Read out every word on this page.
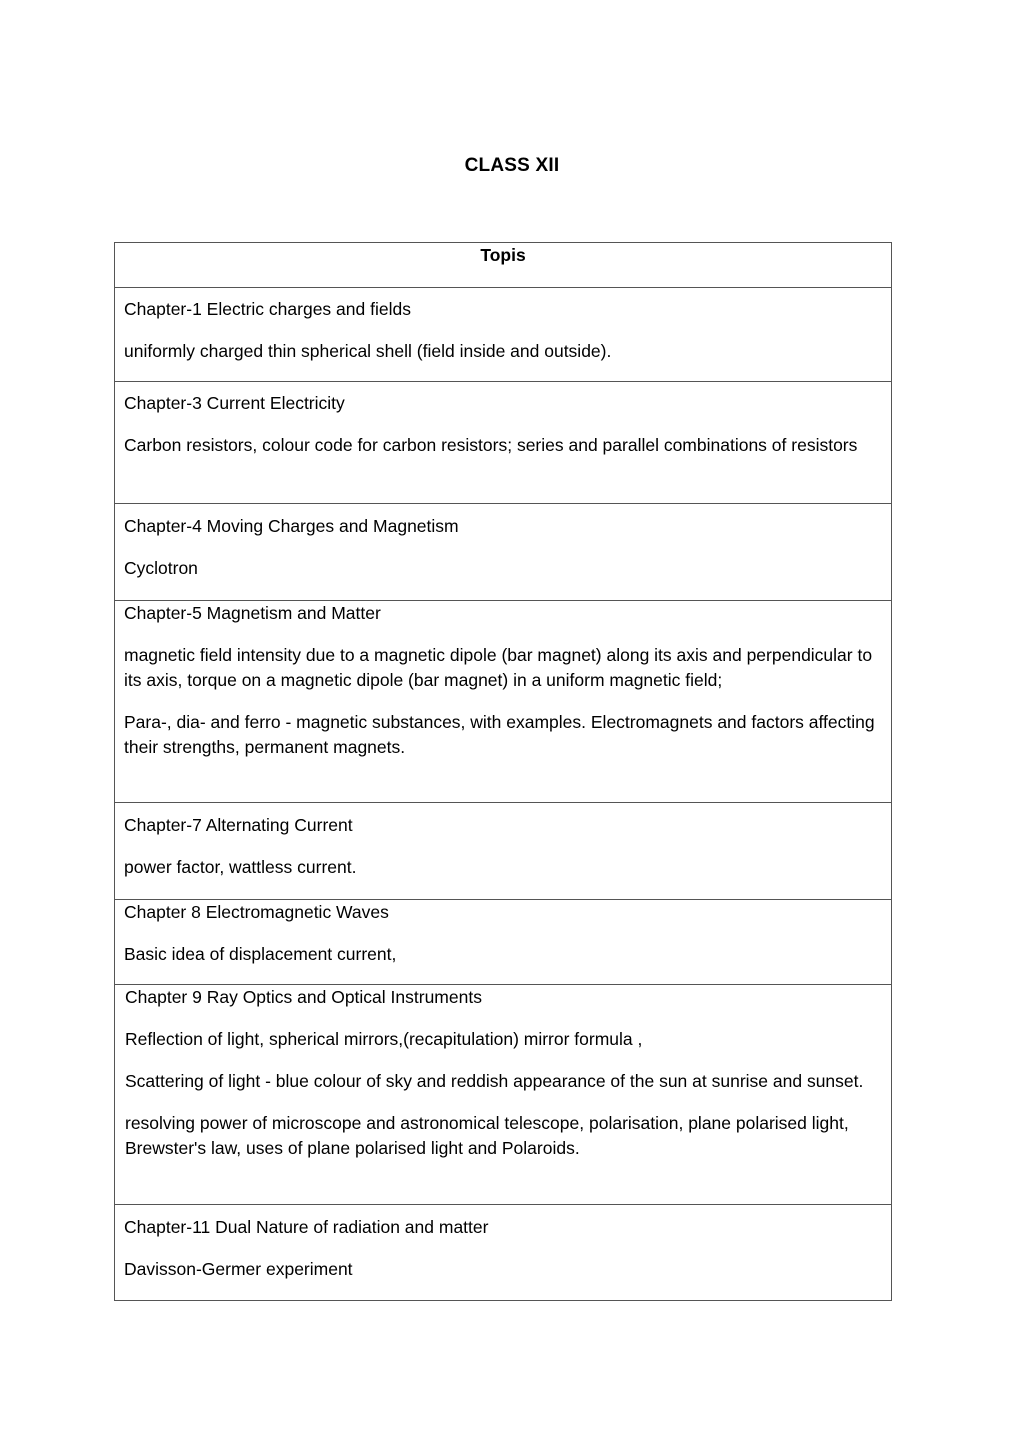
CLASS XII
Topis

Chapter-1 Electric charges and fields

uniformly charged thin spherical shell (field inside and outside).

Chapter-3 Current Electricity

Carbon resistors, colour code for carbon resistors; series and parallel combinations of resistors

Chapter-4 Moving Charges and Magnetism

Cyclotron

Chapter-5 Magnetism and Matter

magnetic field intensity due to a magnetic dipole (bar magnet) along its axis and perpendicular to its axis, torque on a magnetic dipole (bar magnet) in a uniform magnetic field;

Para-, dia- and ferro - magnetic substances, with examples. Electromagnets and factors affecting their strengths, permanent magnets.

Chapter-7 Alternating Current

power factor, wattless current.

Chapter 8 Electromagnetic Waves

Basic idea of displacement current,

Chapter 9 Ray Optics and Optical Instruments

Reflection of light, spherical mirrors,(recapitulation) mirror formula ,

Scattering of light - blue colour of sky and reddish appearance of the sun at sunrise and sunset.

resolving power of microscope and astronomical telescope, polarisation, plane polarised light, Brewster's law, uses of plane polarised light and Polaroids.

Chapter-11 Dual Nature of radiation and matter

Davisson-Germer experiment
